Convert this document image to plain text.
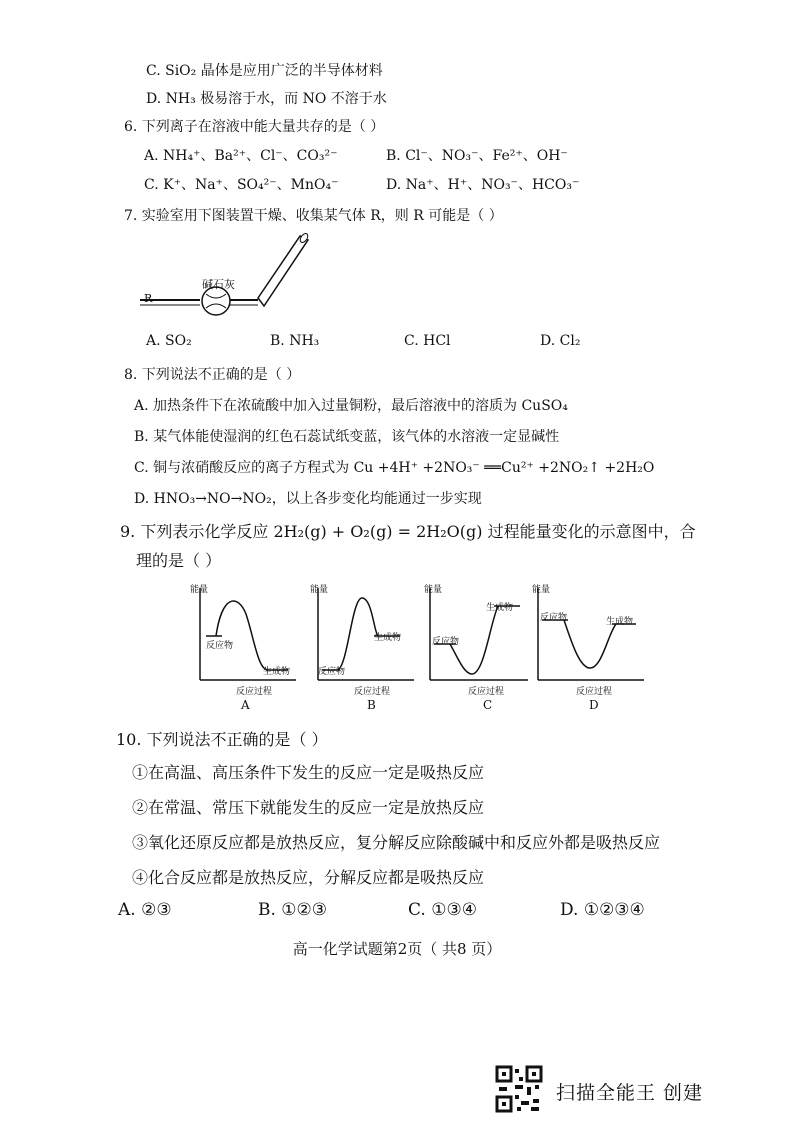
C. SiO₂ 晶体是应用广泛的半导体材料
D. NH₃ 极易溶于水，而 NO 不溶于水
6. 下列离子在溶液中能大量共存的是（ ）
A. NH₄⁺、Ba²⁺、Cl⁻、CO₃²⁻	B. Cl⁻、NO₃⁻、Fe²⁺、OH⁻
C. K⁺、Na⁺、SO₄²⁻、MnO₄⁻	D. Na⁺、H⁺、NO₃⁻、HCO₃⁻
7. 实验室用下图装置干燥、收集某气体 R，则 R 可能是（ ）
碱石灰
R
A. SO₂	B. NH₃	C. HCl	D. Cl₂
8. 下列说法不正确的是（ ）
A. 加热条件下在浓硫酸中加入过量铜粉，最后溶液中的溶质为 CuSO₄
B. 某气体能使湿润的红色石蕊试纸变蓝，该气体的水溶液一定显碱性
C. 铜与浓硝酸反应的离子方程式为 Cu +4H⁺ +2NO₃⁻ ══Cu²⁺ +2NO₂↑ +2H₂O
D. HNO₃→NO→NO₂，以上各步变化均能通过一步实现
9. 下列表示化学反应 2H₂(g) + O₂(g) = 2H₂O(g) 过程能量变化的示意图中，合
理的是（ ）
能量
反应物
生成物
反应过程
A
能量
反应物
生成物
反应过程
B
能量
反应物
生成物
反应过程
C
能量
反应物	生成物
反应过程
D
10. 下列说法不正确的是（ ）
①在高温、高压条件下发生的反应一定是吸热反应
②在常温、常压下就能发生的反应一定是放热反应
③氧化还原反应都是放热反应，复分解反应除酸碱中和反应外都是吸热反应
④化合反应都是放热反应，分解反应都是吸热反应
A. ②③	B. ①②③	C. ①③④	D. ①②③④
高一化学试题第2页（ 共8 页）
扫描全能王 创建
